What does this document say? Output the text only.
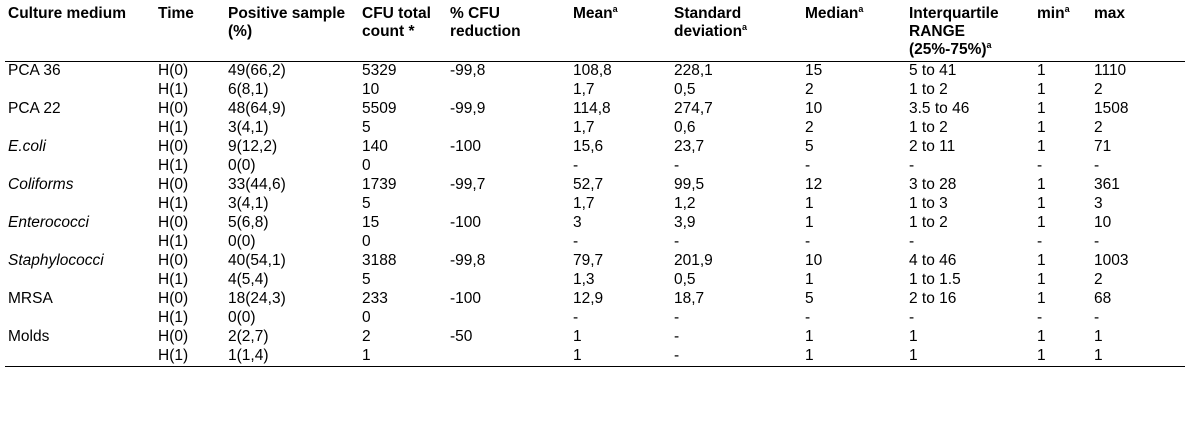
Culture medium	Time	Positive sample (%)	CFU total count *	% CFU reduction	Mean$^a$	Standard deviation$^a$	Median$^a$	Interquartile RANGE $(25\%-75\%)^a$	$\min^a$	max
PCA 36	H(0)	49(66,2)	5329	-99,8	108,8	228,1	15	5 to 41	1	1110
	H(1)	6(8,1)	10		1,7	0,5	2	1 to 2	1	2
PCA 22	H(0)	48(64,9)	5509	-99,9	114,8	274,7	10	3.5 to 46	1	1508
	H(1)	3(4,1)	5		1,7	0,6	2	1 to 2	1	2
E.coli	H(0)	9(12,2)	140	-100	15,6	23,7	5	2 to 11	1	71
	H(1)	0(0)	0		-	-	-	-	-	-
Coliforms	H(0)	33(44,6)	1739	-99,7	52,7	99,5	12	3 to 28	1	361
	H(1)	3(4,1)	5		1,7	1,2	1	1 to 3	1	3
Enterococci	H(0)	5(6,8)	15	-100	3	3,9	1	1 to 2	1	10
	H(1)	0(0)	0		-	-	-	-	-	-
Staphylococci	H(0)	40(54,1)	3188	-99,8	79,7	201,9	10	4 to 46	1	1003
	H(1)	4(5,4)	5		1,3	0,5	1	1 to 1.5	1	2
MRSA	H(0)	18(24,3)	233	-100	12,9	18,7	5	2 to 16	1	68
	H(1)	0(0)	0		-	-	-	-	-	-
Molds	H(0)	2(2,7)	2	-50	1	-	1	1	1	1
	H(1)	1(1,4)	1		1	-	1	1	1	1
